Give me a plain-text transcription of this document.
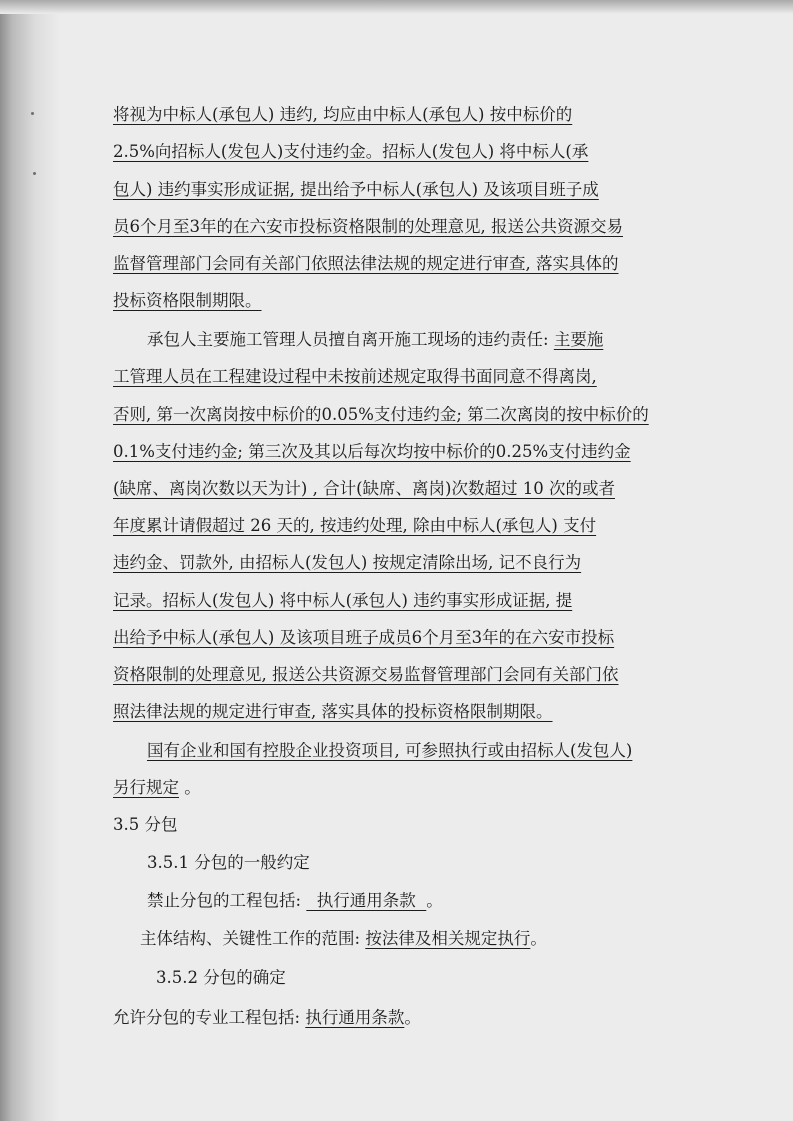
将视为中标人(承包人) 违约, 均应由中标人(承包人) 按中标价的
2.5%向招标人(发包人)支付违约金。招标人(发包人) 将中标人(承
包人) 违约事实形成证据, 提出给予中标人(承包人) 及该项目班子成
员6个月至3年的在六安市投标资格限制的处理意见, 报送公共资源交易
监督管理部门会同有关部门依照法律法规的规定进行审查, 落实具体的
投标资格限制期限。
承包人主要施工管理人员擅自离开施工现场的违约责任: 主要施
工管理人员在工程建设过程中未按前述规定取得书面同意不得离岗,
否则, 第一次离岗按中标价的0.05%支付违约金; 第二次离岗的按中标价的
0.1%支付违约金; 第三次及其以后每次均按中标价的0.25%支付违约金
(缺席、离岗次数以天为计) , 合计(缺席、离岗)次数超过 10 次的或者
年度累计请假超过 26 天的, 按违约处理, 除由中标人(承包人) 支付
违约金、罚款外, 由招标人(发包人) 按规定清除出场, 记不良行为
记录。招标人(发包人) 将中标人(承包人) 违约事实形成证据, 提
出给予中标人(承包人) 及该项目班子成员6个月至3年的在六安市投标
资格限制的处理意见, 报送公共资源交易监督管理部门会同有关部门依
照法律法规的规定进行审查, 落实具体的投标资格限制期限。
国有企业和国有控股企业投资项目, 可参照执行或由招标人(发包人)
另行规定 。
3.5 分包
3.5.1 分包的一般约定
禁止分包的工程包括:   执行通用条款  。
主体结构、关键性工作的范围: 按法律及相关规定执行。
3.5.2 分包的确定
允许分包的专业工程包括: 执行通用条款。
